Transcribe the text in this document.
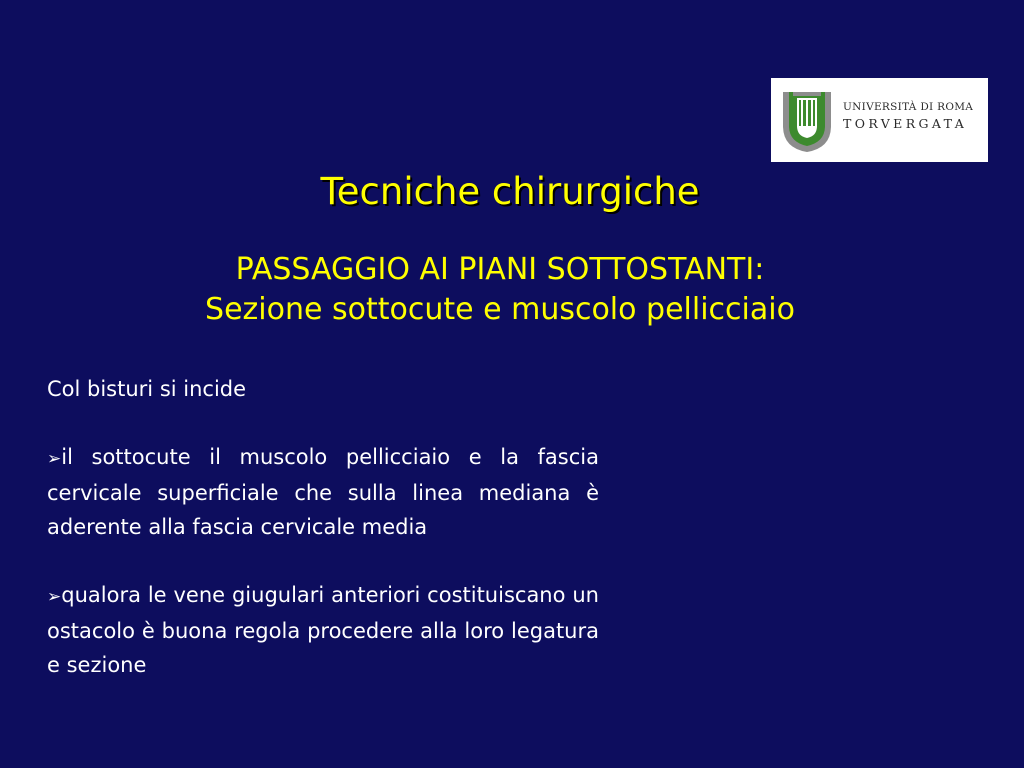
UNIVERSITÀ DI ROMA
TORVERGATA
Tecniche chirurgiche
PASSAGGIO AI PIANI SOTTOSTANTI:
Sezione sottocute e muscolo pellicciaio
Col bisturi si incide
➢il sottocute il muscolo pellicciaio e la fascia cervicale superficiale che sulla linea mediana è aderente alla fascia cervicale media
➢qualora le vene giugulari anteriori costituiscano un ostacolo è buona regola procedere alla loro legatura e sezione
